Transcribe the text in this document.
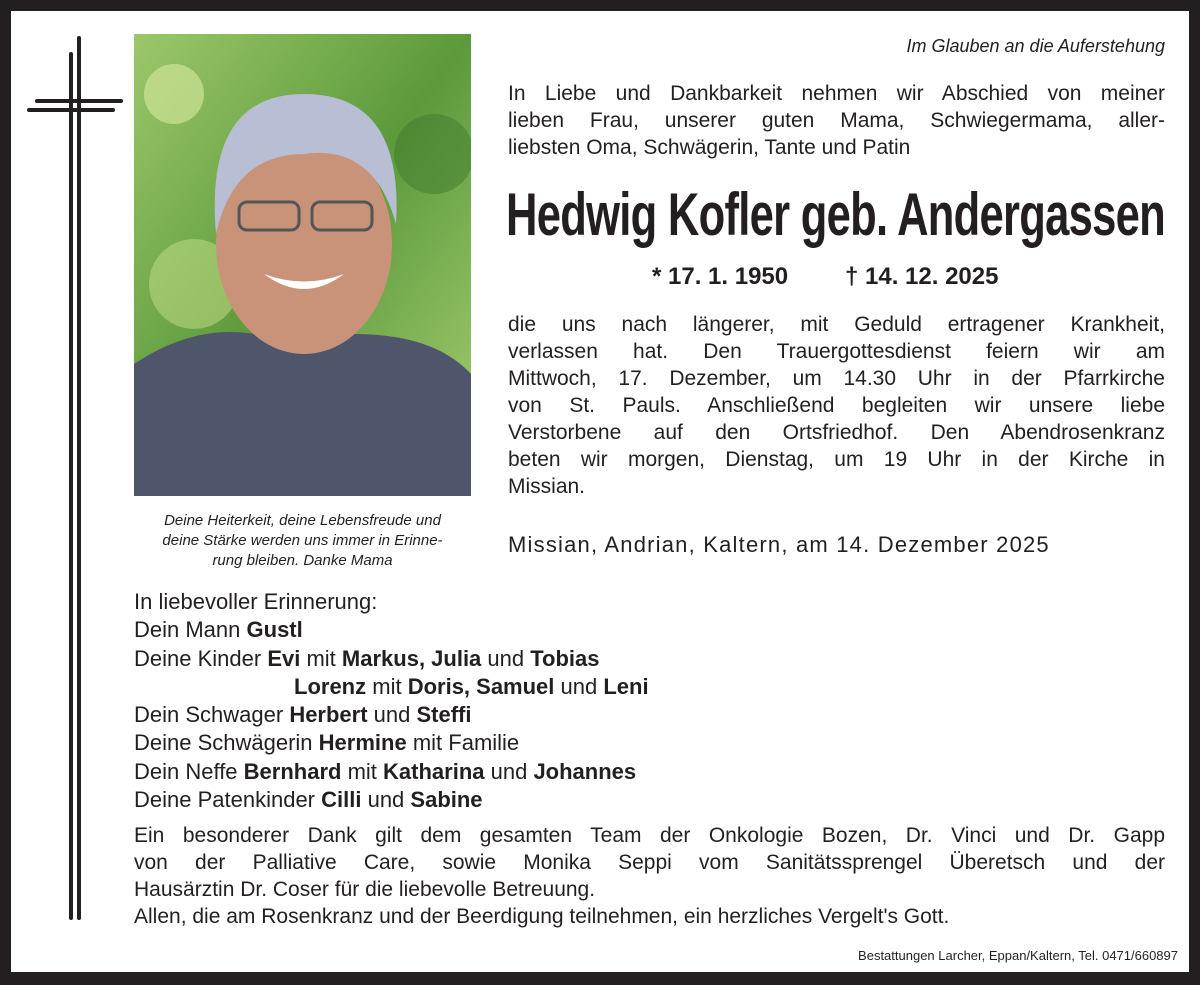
Im Glauben an die Auferstehung
In Liebe und Dankbarkeit nehmen wir Abschied von meiner
lieben Frau, unserer guten Mama, Schwiegermama, aller-
liebsten Oma, Schwägerin, Tante und Patin
Hedwig Kofler geb. Andergassen
* 17. 1. 1950 † 14. 12. 2025
die uns nach längerer, mit Geduld ertragener Krankheit,
verlassen hat. Den Trauergottesdienst feiern wir am
Mittwoch, 17. Dezember, um 14.30 Uhr in der Pfarrkirche
von St. Pauls. Anschließend begleiten wir unsere liebe
Verstorbene auf den Ortsfriedhof. Den Abendrosenkranz
beten wir morgen, Dienstag, um 19 Uhr in der Kirche in
Missian.
Missian, Andrian, Kaltern, am 14. Dezember 2025
Deine Heiterkeit, deine Lebensfreude und
deine Stärke werden uns immer in Erinne-
rung bleiben. Danke Mama
In liebevoller Erinnerung:
Dein Mann Gustl
Deine Kinder Evi mit Markus, Julia und Tobias
Lorenz mit Doris, Samuel und Leni
Dein Schwager Herbert und Steffi
Deine Schwägerin Hermine mit Familie
Dein Neffe Bernhard mit Katharina und Johannes
Deine Patenkinder Cilli und Sabine
Ein besonderer Dank gilt dem gesamten Team der Onkologie Bozen, Dr. Vinci und Dr. Gapp
von der Palliative Care, sowie Monika Seppi vom Sanitätssprengel Überetsch und der
Hausärztin Dr. Coser für die liebevolle Betreuung.
Allen, die am Rosenkranz und der Beerdigung teilnehmen, ein herzliches Vergelt's Gott.
Bestattungen Larcher, Eppan/Kaltern, Tel. 0471/660897
